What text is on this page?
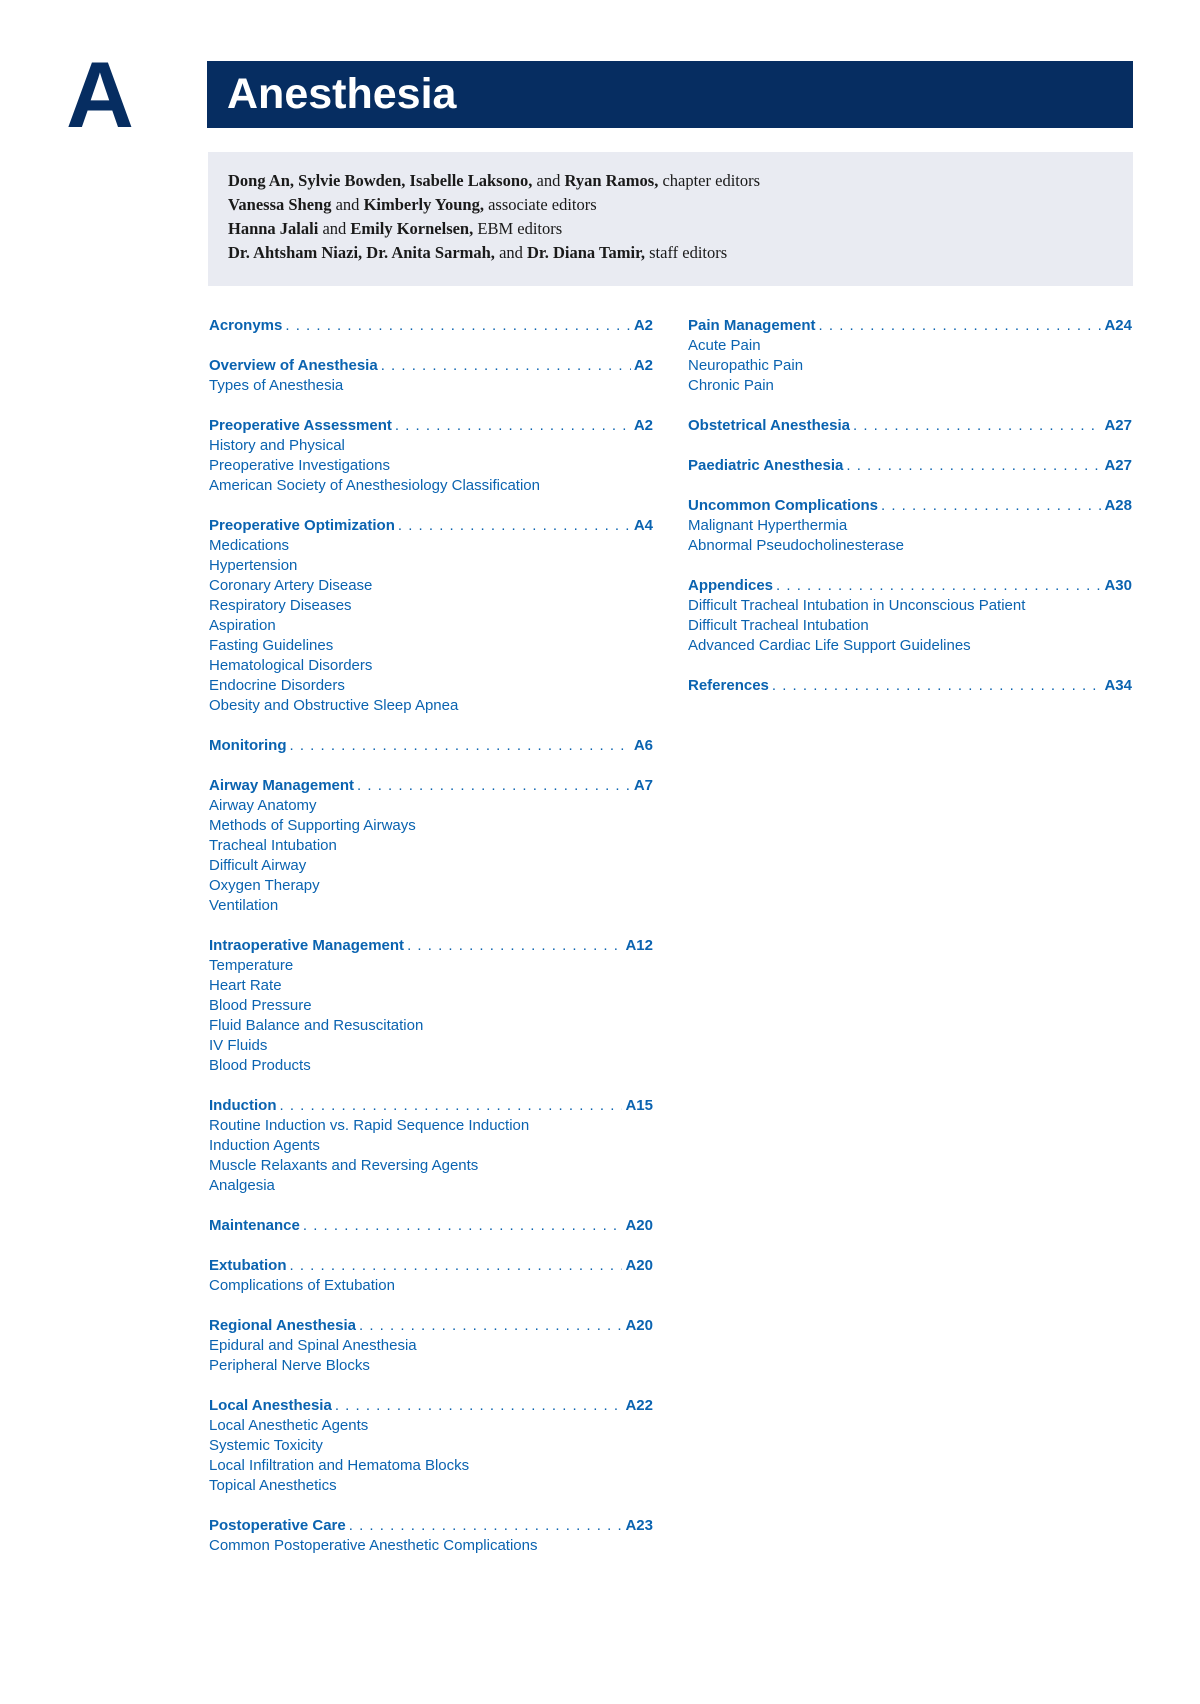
A	Anesthesia
Dong An, Sylvie Bowden, Isabelle Laksono, and Ryan Ramos, chapter editors
Vanessa Sheng and Kimberly Young, associate editors
Hanna Jalali and Emily Kornelsen, EBM editors
Dr. Ahtsham Niazi, Dr. Anita Sarmah, and Dr. Diana Tamir, staff editors
Acronyms . . .	A2
Overview of Anesthesia . . .	A2
Types of Anesthesia
Preoperative Assessment . . .	A2
History and Physical
Preoperative Investigations
American Society of Anesthesiology Classification
Preoperative Optimization . . .	A4
Medications
Hypertension
Coronary Artery Disease
Respiratory Diseases
Aspiration
Fasting Guidelines
Hematological Disorders
Endocrine Disorders
Obesity and Obstructive Sleep Apnea
Monitoring . . .	A6
Airway Management . . .	A7
Airway Anatomy
Methods of Supporting Airways
Tracheal Intubation
Difficult Airway
Oxygen Therapy
Ventilation
Intraoperative Management . . .	A12
Temperature
Heart Rate
Blood Pressure
Fluid Balance and Resuscitation
IV Fluids
Blood Products
Induction . . .	A15
Routine Induction vs. Rapid Sequence Induction
Induction Agents
Muscle Relaxants and Reversing Agents
Analgesia
Maintenance . . .	A20
Extubation . . .	A20
Complications of Extubation
Regional Anesthesia . . .	A20
Epidural and Spinal Anesthesia
Peripheral Nerve Blocks
Local Anesthesia . . .	A22
Local Anesthetic Agents
Systemic Toxicity
Local Infiltration and Hematoma Blocks
Topical Anesthetics
Postoperative Care . . .	A23
Common Postoperative Anesthetic Complications
Pain Management . . .	A24
Acute Pain
Neuropathic Pain
Chronic Pain
Obstetrical Anesthesia . . .	A27
Paediatric Anesthesia . . .	A27
Uncommon Complications . . .	A28
Malignant Hyperthermia
Abnormal Pseudocholinesterase
Appendices . . .	A30
Difficult Tracheal Intubation in Unconscious Patient
Difficult Tracheal Intubation
Advanced Cardiac Life Support Guidelines
References . . .	A34
